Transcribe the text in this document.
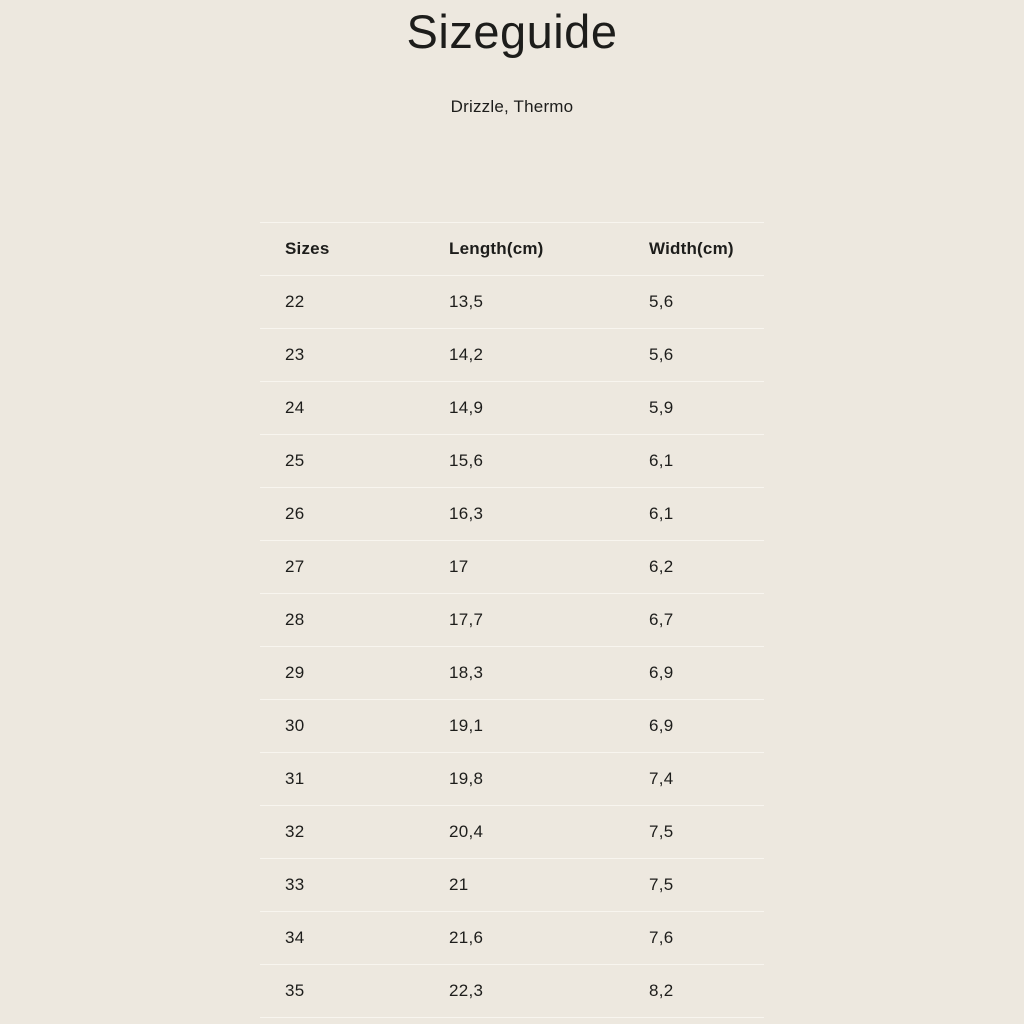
Sizeguide

Drizzle, Thermo

Sizes	Length(cm)	Width(cm)
22	13,5	5,6
23	14,2	5,6
24	14,9	5,9
25	15,6	6,1
26	16,3	6,1
27	17	6,2
28	17,7	6,7
29	18,3	6,9
30	19,1	6,9
31	19,8	7,4
32	20,4	7,5
33	21	7,5
34	21,6	7,6
35	22,3	8,2
